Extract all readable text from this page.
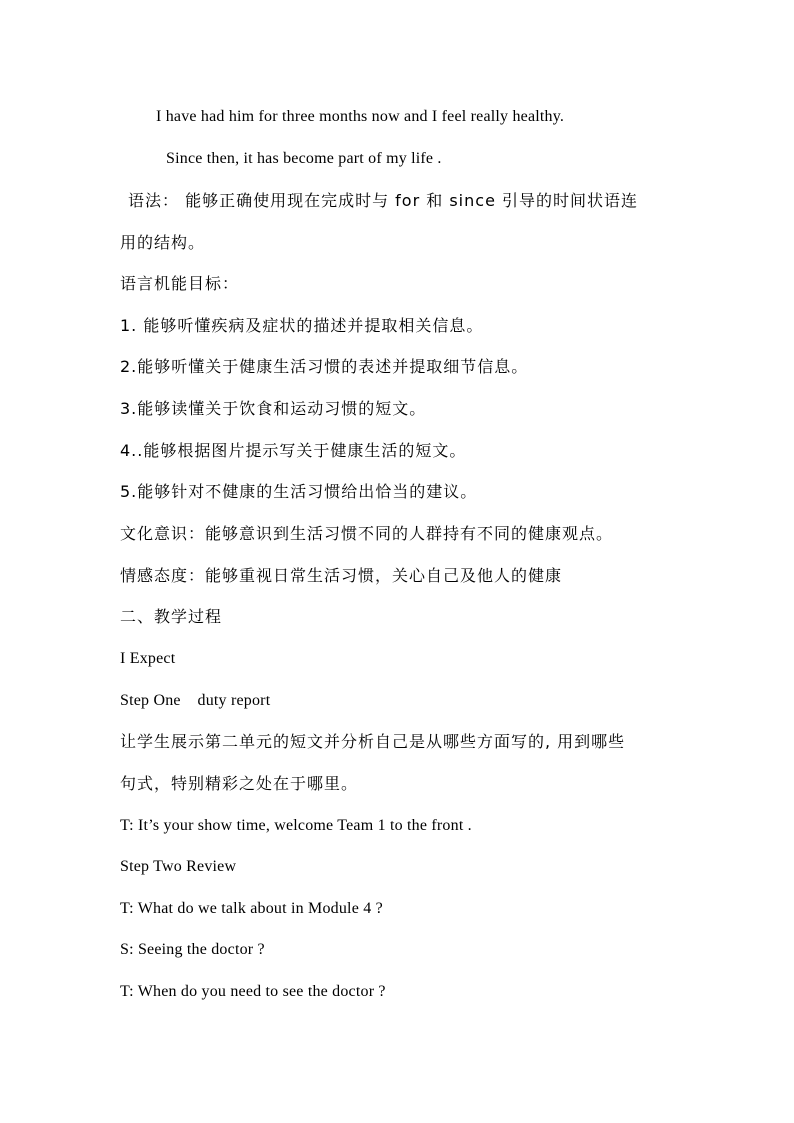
I have had him for three months now and I feel really healthy.
Since then, it has become part of my life .
语法： 能够正确使用现在完成时与 for 和 since 引导的时间状语连
用的结构。
语言机能目标：
1. 能够听懂疾病及症状的描述并提取相关信息。
2.能够听懂关于健康生活习惯的表述并提取细节信息。
3.能够读懂关于饮食和运动习惯的短文。
4..能够根据图片提示写关于健康生活的短文。
5.能够针对不健康的生活习惯给出恰当的建议。
文化意识：能够意识到生活习惯不同的人群持有不同的健康观点。
情感态度：能够重视日常生活习惯，关心自己及他人的健康
二、教学过程
I Expect
Step One    duty report
让学生展示第二单元的短文并分析自己是从哪些方面写的, 用到哪些
句式，特别精彩之处在于哪里。
T: It’s your show time, welcome Team 1 to the front .
Step Two Review
T: What do we talk about in Module 4 ?
S: Seeing the doctor ?
T: When do you need to see the doctor ?
